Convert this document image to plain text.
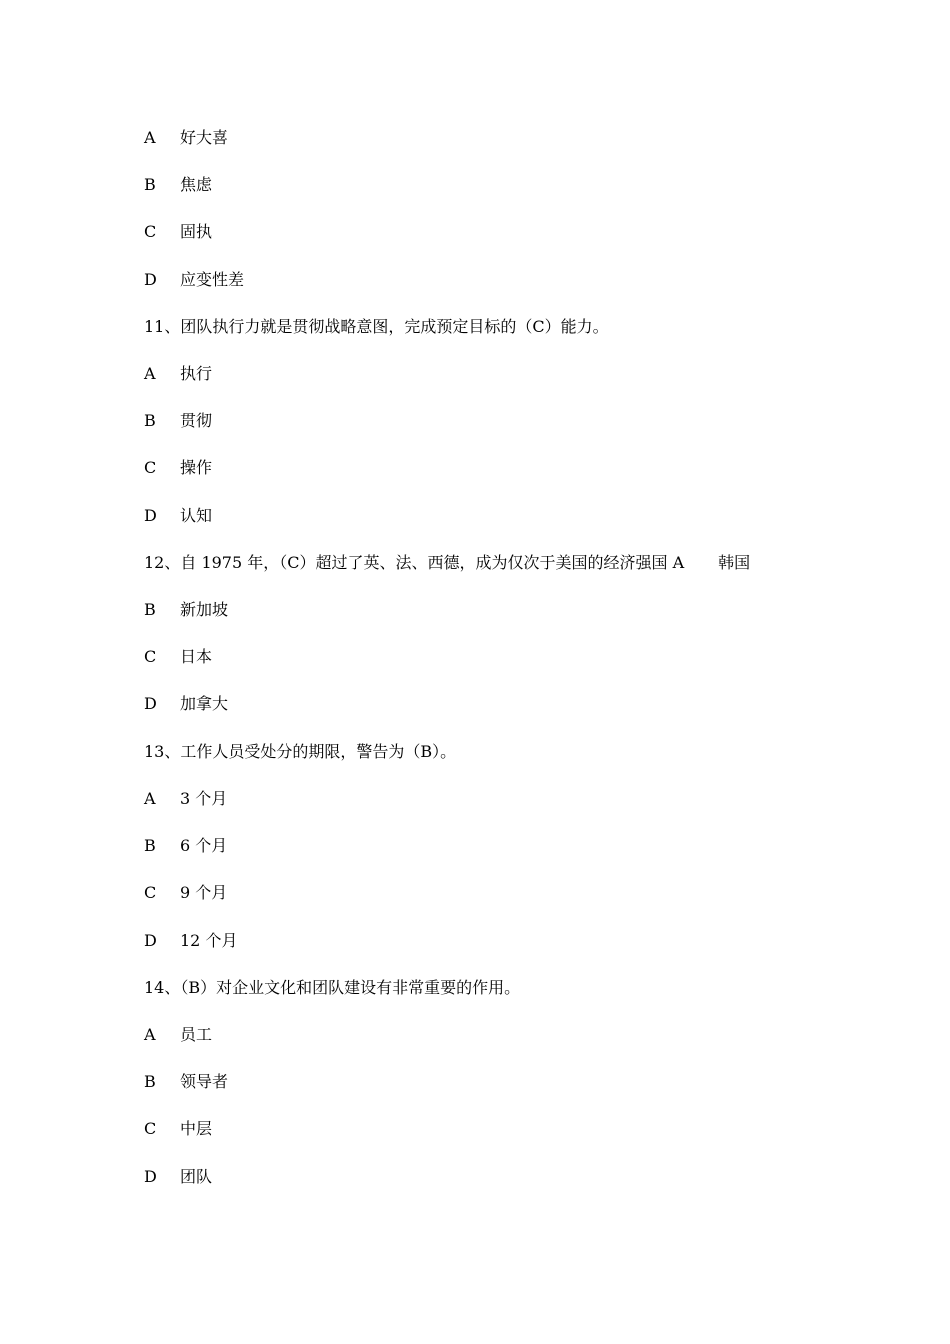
A 好大喜
B 焦虑
C 固执
D 应变性差
11、团队执行力就是贯彻战略意图，完成预定目标的（C）能力。
A 执行
B 贯彻
C 操作
D 认知
12、自 1975 年，（C）超过了英、法、西德，成为仅次于美国的经济强国 A 韩国
B 新加坡
C 日本
D 加拿大
13、工作人员受处分的期限，警告为（B）。
A 3 个月
B 6 个月
C 9 个月
D 12 个月
14、（B）对企业文化和团队建设有非常重要的作用。
A 员工
B 领导者
C 中层
D 团队
